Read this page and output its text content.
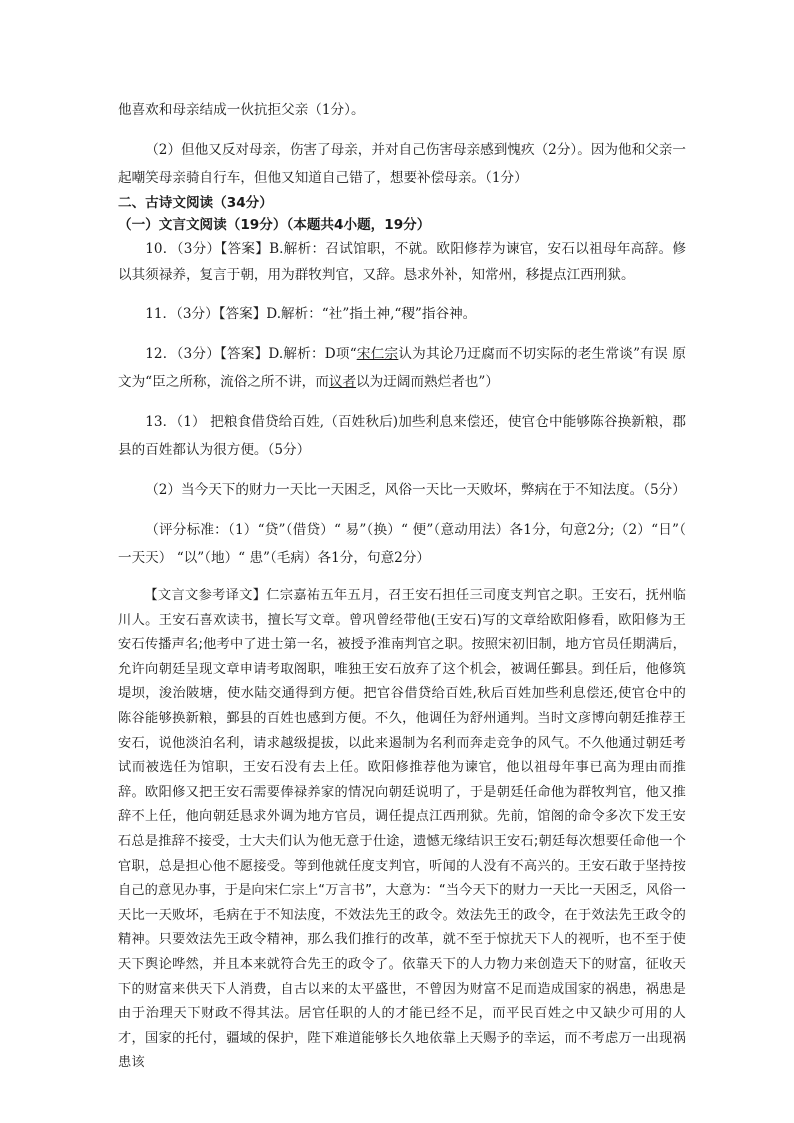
他喜欢和母亲结成一伙抗拒父亲（1分）。

（2）但他又反对母亲，伤害了母亲，并对自己伤害母亲感到愧疚（2分）。因为他和父亲一起嘲笑母亲骑自行车，但他又知道自己错了，想要补偿母亲。（1分）

二、古诗文阅读（34分）

（一）文言文阅读（19分）（本题共4小题，19分）

10．（3分）【答案】B.解析：召试馆职，不就。欧阳修荐为谏官，安石以祖母年高辞。修以其须禄养，复言于朝，用为群牧判官，又辞。恳求外补，知常州，移提点江西刑狱。

11．（3分）【答案】D.解析：“社”指土神,“稷”指谷神。

12．（3分）【答案】D.解析：D项“宋仁宗认为其论乃迂腐而不切实际的老生常谈”有误 原文为“臣之所称，流俗之所不讲，而议者以为迂阔而熟烂者也”）

13．（1） 把粮食借贷给百姓,（百姓秋后)加些利息来偿还，使官仓中能够陈谷换新粮，郡县的百姓都认为很方便。（5分）

（2）当今天下的财力一天比一天困乏，风俗一天比一天败坏，弊病在于不知法度。（5分）

（评分标准：（1）“贷”（借贷）“ 易”（换）“ 便”（意动用法）各1分，句意2分;（2）“日”（ 一天天） “以”（地）“ 患”（毛病）各1分，句意2分）

【文言文参考译文】仁宗嘉祐五年五月，召王安石担任三司度支判官之职。王安石，抚州临川人。王安石喜欢读书，擅长写文章。曾巩曾经带他(王安石)写的文章给欧阳修看，欧阳修为王安石传播声名;他考中了进士第一名，被授予淮南判官之职。按照宋初旧制，地方官员任期满后，允许向朝廷呈现文章申请考取阁职，唯独王安石放弃了这个机会，被调任鄞县。到任后，他修筑堤坝，浚治陂塘，使水陆交通得到方便。把官谷借贷给百姓,秋后百姓加些利息偿还,使官仓中的陈谷能够换新粮，鄞县的百姓也感到方便。不久，他调任为舒州通判。当时文彦博向朝廷推荐王安石，说他淡泊名利，请求越级提拔，以此来遏制为名利而奔走竞争的风气。不久他通过朝廷考试而被选任为馆职，王安石没有去上任。欧阳修推荐他为谏官，他以祖母年事已高为理由而推辞。欧阳修又把王安石需要俸禄养家的情况向朝廷说明了，于是朝廷任命他为群牧判官，他又推辞不上任，他向朝廷恳求外调为地方官员，调任提点江西刑狱。先前，馆阁的命令多次下发王安石总是推辞不接受，士大夫们认为他无意于仕途，遗憾无缘结识王安石;朝廷每次想要任命他一个官职，总是担心他不愿接受。等到他就任度支判官，听闻的人没有不高兴的。王安石敢于坚持按自己的意见办事，于是向宋仁宗上“万言书”，大意为：“当今天下的财力一天比一天困乏，风俗一天比一天败坏，毛病在于不知法度，不效法先王的政令。效法先王的政令，在于效法先王政令的精神。只要效法先王政令精神，那么我们推行的改革，就不至于惊扰天下人的视听，也不至于使天下舆论哗然，并且本来就符合先王的政令了。依靠天下的人力物力来创造天下的财富，征收天下的财富来供天下人消费，自古以来的太平盛世，不曾因为财富不足而造成国家的祸患，祸患是由于治理天下财政不得其法。居官任职的人的才能已经不足，而平民百姓之中又缺少可用的人才，国家的托付，疆域的保护，陛下难道能够长久地依靠上天赐予的幸运，而不考虑万一出现祸患该
